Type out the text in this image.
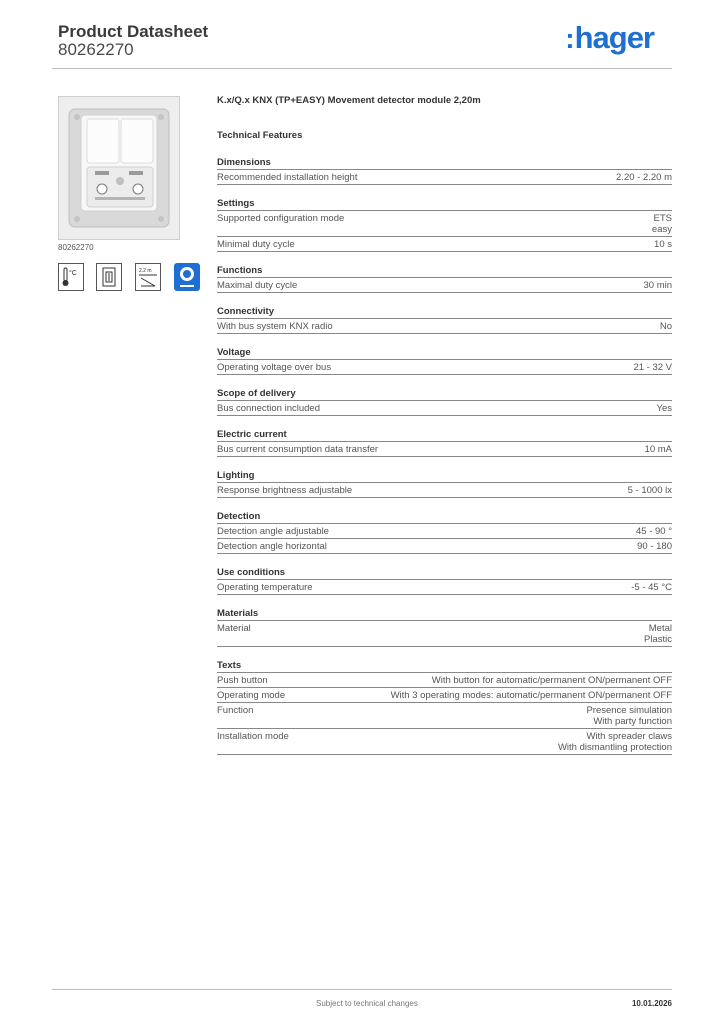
Product Datasheet
80262270	:hager
80262270
°C	2.2 m
K.x/Q.x KNX (TP+EASY) Movement detector module 2,20m
Technical Features
Dimensions
Recommended installation height	2.20 - 2.20 m
Settings
Supported configuration mode	ETS
easy
Minimal duty cycle	10 s
Functions
Maximal duty cycle	30 min
Connectivity
With bus system KNX radio	No
Voltage
Operating voltage over bus	21 - 32 V
Scope of delivery
Bus connection included	Yes
Electric current
Bus current consumption data transfer	10 mA
Lighting
Response brightness adjustable	5 - 1000 lx
Detection
Detection angle adjustable	45 - 90 °
Detection angle horizontal	90 - 180
Use conditions
Operating temperature	-5 - 45 °C
Materials
Material	Metal
Plastic
Texts
Push button	With button for automatic/permanent ON/permanent OFF
Operating mode	With 3 operating modes: automatic/permanent ON/permanent OFF
Function	Presence simulation
With party function
Installation mode	With spreader claws
With dismantling protection
Subject to technical changes	10.01.2026
